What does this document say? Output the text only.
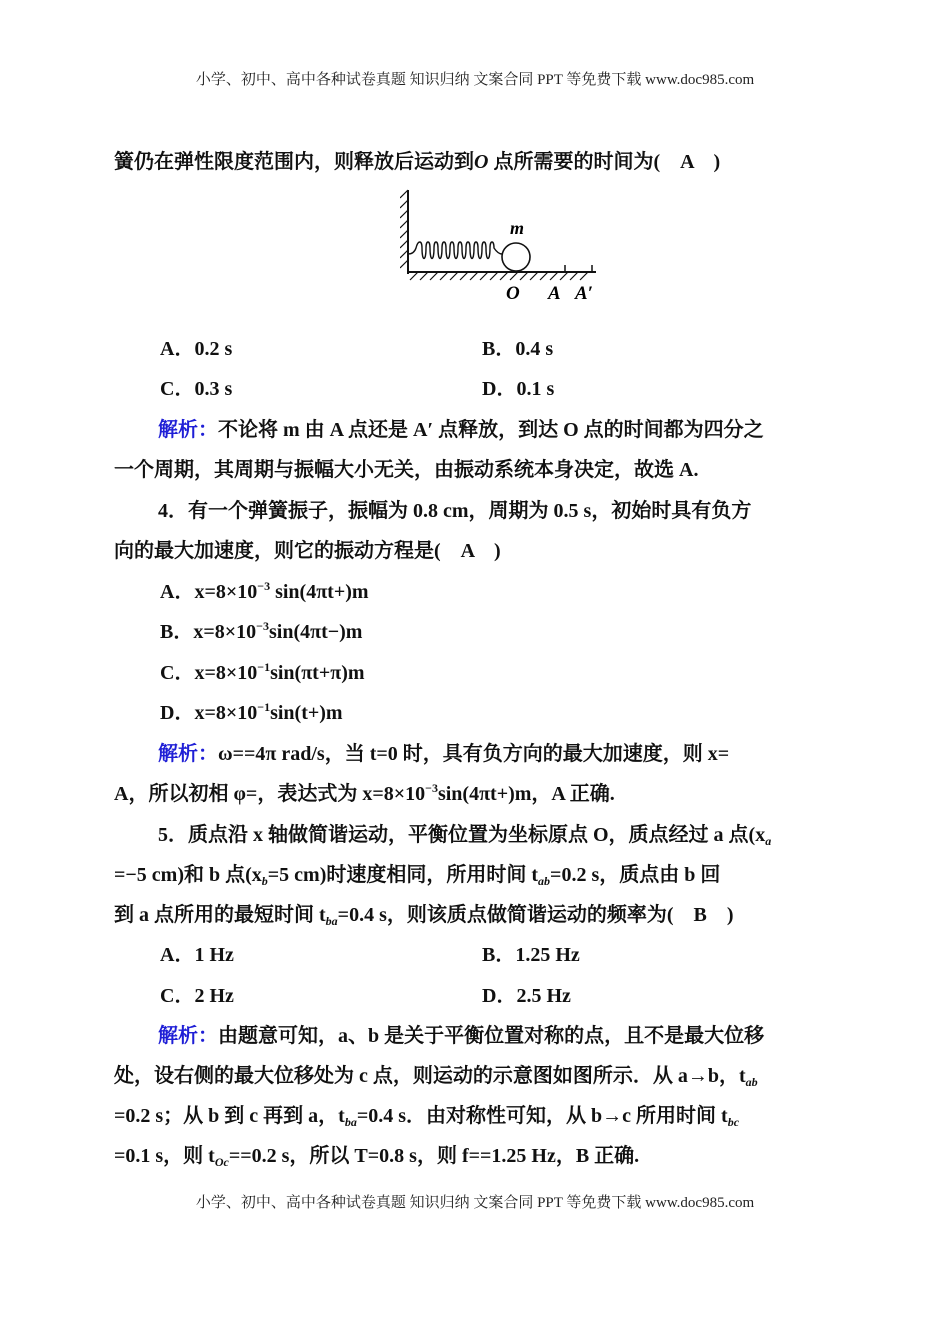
小学、初中、高中各种试卷真题 知识归纳 文案合同 PPT 等免费下载 www.doc985.com
簧仍在弹性限度范围内，则释放后运动到O 点所需要的时间为(　A　)
m
O A A′
A．0.2 s	B．0.4 s
C．0.3 s	D．0.1 s
解析：不论将 m 由 A 点还是 A′ 点释放，到达 O 点的时间都为四分之
一个周期，其周期与振幅大小无关，由振动系统本身决定，故选 A.
4．有一个弹簧振子，振幅为 0.8 cm，周期为 0.5 s，初始时具有负方
向的最大加速度，则它的振动方程是(　A　)
A．$x=8\times 10^{-3}$ sin(4πt+)m
B．$x=8\times 10^{-3}\sin(4\pi t-)m$
C．$x=8\times 10^{-1}\sin(\pi t+\pi)m$
D．$x=8\times 10^{-1}\sin(t+)m$
解析：ω==4π rad/s，当 t=0 时，具有负方向的最大加速度，则 x=
A，所以初相 φ=，表达式为 $x=8\times 10^{-3}\sin(4\pi t+)m$，A 正确.
5．质点沿 x 轴做简谐运动，平衡位置为坐标原点 O，质点经过 a 点($x_a$
=−5 cm)和 b 点($x_b=5$ cm)时速度相同，所用时间 $t_{ab}=0.2$ s，质点由 b 回
到 a 点所用的最短时间 $t_{ba}=0.4$ s，则该质点做简谐运动的频率为(　B　)
A．1 Hz	B．1.25 Hz
C．2 Hz	D．2.5 Hz
解析：由题意可知，a、b 是关于平衡位置对称的点，且不是最大位移
处，设右侧的最大位移处为 c 点，则运动的示意图如图所示．从 a→b，$t_{ab}$
=0.2 s；从 b 到 c 再到 a，$t_{ba}=0.4$ s．由对称性可知，从 b→c 所用时间 $t_{bc}$
=0.1 s，则 $t_{Oc}==0.2$ s，所以 T=0.8 s，则 f==1.25 Hz，B 正确.
小学、初中、高中各种试卷真题 知识归纳 文案合同 PPT 等免费下载 www.doc985.com
